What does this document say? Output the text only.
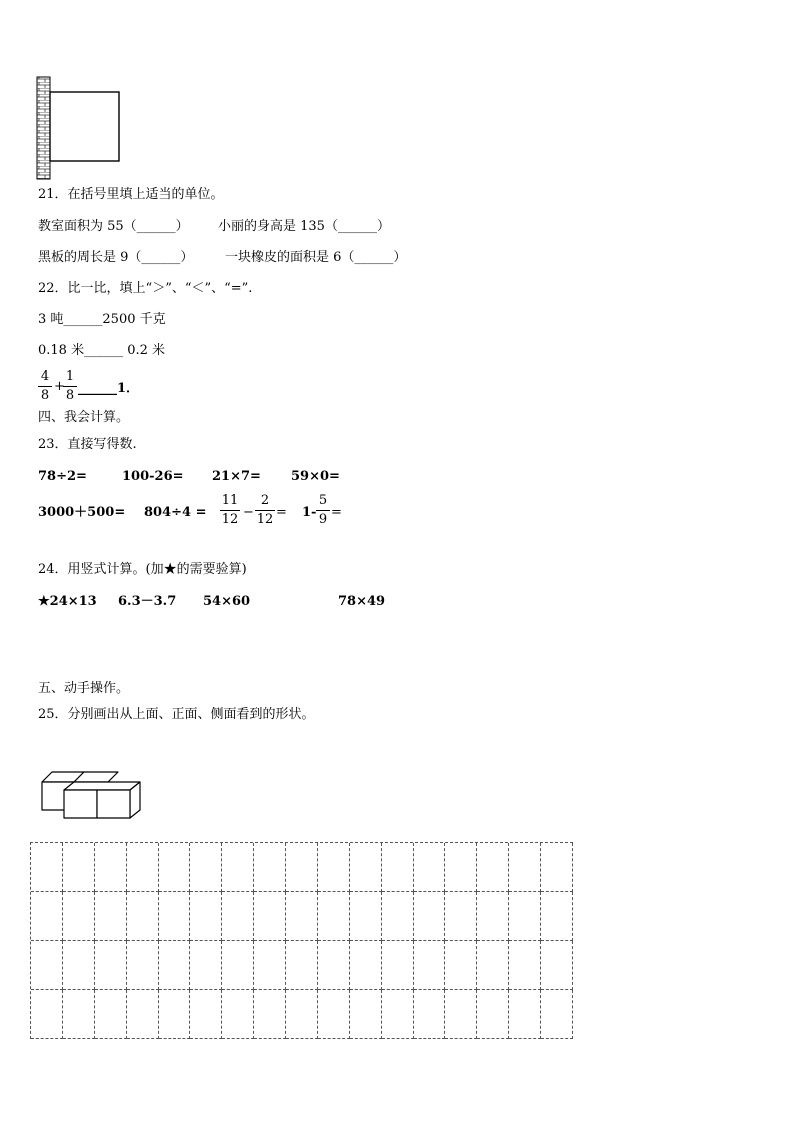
21．在括号里填上适当的单位。
教室面积为 55（______） 小丽的身高是 135（______）
黑板的周长是 9（______） 一块橡皮的面积是 6（______）
22．比一比，填上“＞”、“＜”、“=”.
3 吨______2500 千克
0.18 米______ 0.2 米
4
8
+
1
8 ______1．
四、我会计算。
23．直接写得数.
78÷2=	100-26= 21×7= 59×0=
3000＋500= 804÷4 =
11
12 −
2
12 = 1-
5
9 =
24．用竖式计算。(加★的需要验算)
★24×13 6.3－3.7 54×60	78×49
五、动手操作。
25．分别画出从上面、正面、侧面看到的形状。
